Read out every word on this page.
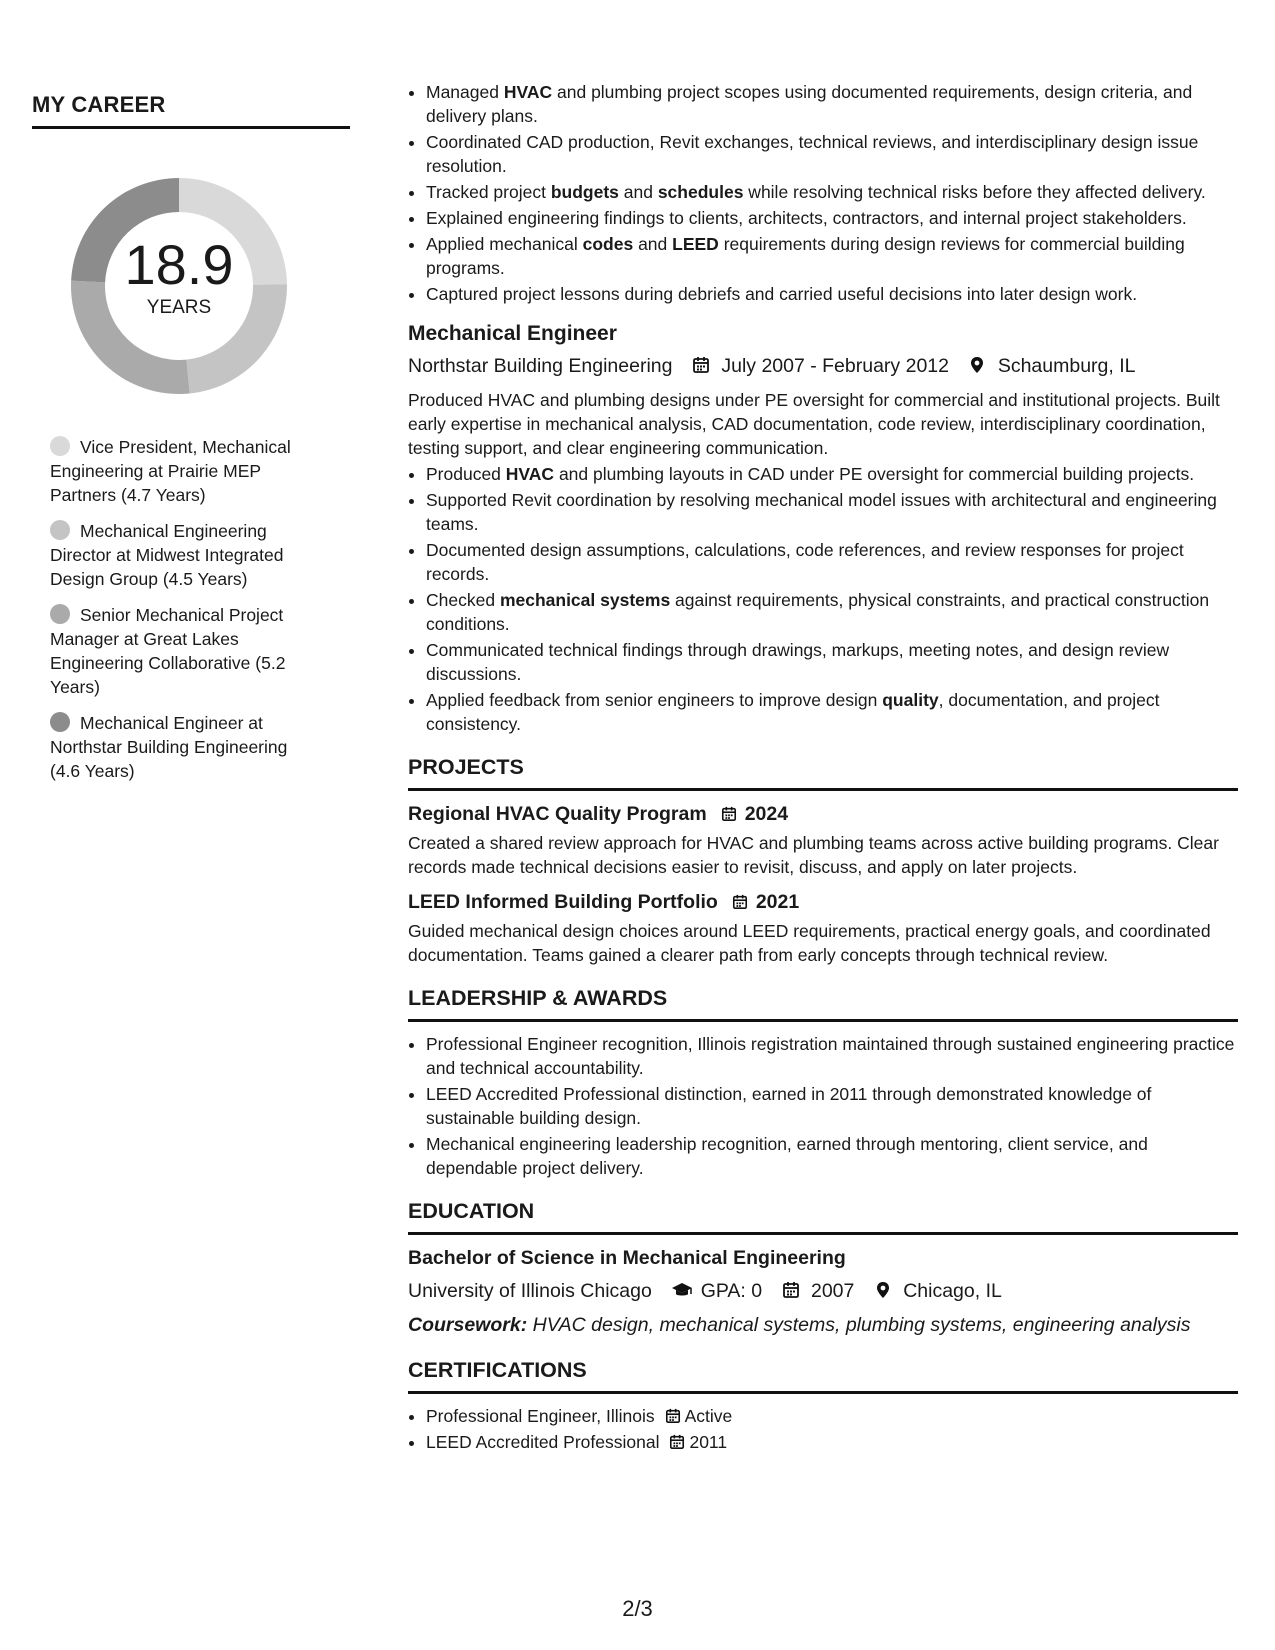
MY CAREER
18.9
YEARS
Vice President, Mechanical Engineering at Prairie MEP Partners (4.7 Years)
Mechanical Engineering Director at Midwest Integrated Design Group (4.5 Years)
Senior Mechanical Project Manager at Great Lakes Engineering Collaborative (5.2 Years)
Mechanical Engineer at Northstar Building Engineering (4.6 Years)
• Managed HVAC and plumbing project scopes using documented requirements, design criteria, and delivery plans.
• Coordinated CAD production, Revit exchanges, technical reviews, and interdisciplinary design issue resolution.
• Tracked project budgets and schedules while resolving technical risks before they affected delivery.
• Explained engineering findings to clients, architects, contractors, and internal project stakeholders.
• Applied mechanical codes and LEED requirements during design reviews for commercial building programs.
• Captured project lessons during debriefs and carried useful decisions into later design work.
Mechanical Engineer
Northstar Building Engineering	July 2007 - February 2012	Schaumburg, IL
Produced HVAC and plumbing designs under PE oversight for commercial and institutional projects. Built early expertise in mechanical analysis, CAD documentation, code review, interdisciplinary coordination, testing support, and clear engineering communication.
• Produced HVAC and plumbing layouts in CAD under PE oversight for commercial building projects.
• Supported Revit coordination by resolving mechanical model issues with architectural and engineering teams.
• Documented design assumptions, calculations, code references, and review responses for project records.
• Checked mechanical systems against requirements, physical constraints, and practical construction conditions.
• Communicated technical findings through drawings, markups, meeting notes, and design review discussions.
• Applied feedback from senior engineers to improve design quality, documentation, and project consistency.
PROJECTS
Regional HVAC Quality Program 2024
Created a shared review approach for HVAC and plumbing teams across active building programs. Clear records made technical decisions easier to revisit, discuss, and apply on later projects.
LEED Informed Building Portfolio 2021
Guided mechanical design choices around LEED requirements, practical energy goals, and coordinated documentation. Teams gained a clearer path from early concepts through technical review.
LEADERSHIP & AWARDS
• Professional Engineer recognition, Illinois registration maintained through sustained engineering practice and technical accountability.
• LEED Accredited Professional distinction, earned in 2011 through demonstrated knowledge of sustainable building design.
• Mechanical engineering leadership recognition, earned through mentoring, client service, and dependable project delivery.
EDUCATION
Bachelor of Science in Mechanical Engineering
University of Illinois Chicago	GPA: 0	2007	Chicago, IL
Coursework: HVAC design, mechanical systems, plumbing systems, engineering analysis
CERTIFICATIONS
• Professional Engineer, Illinois Active
• LEED Accredited Professional 2011
2/3
